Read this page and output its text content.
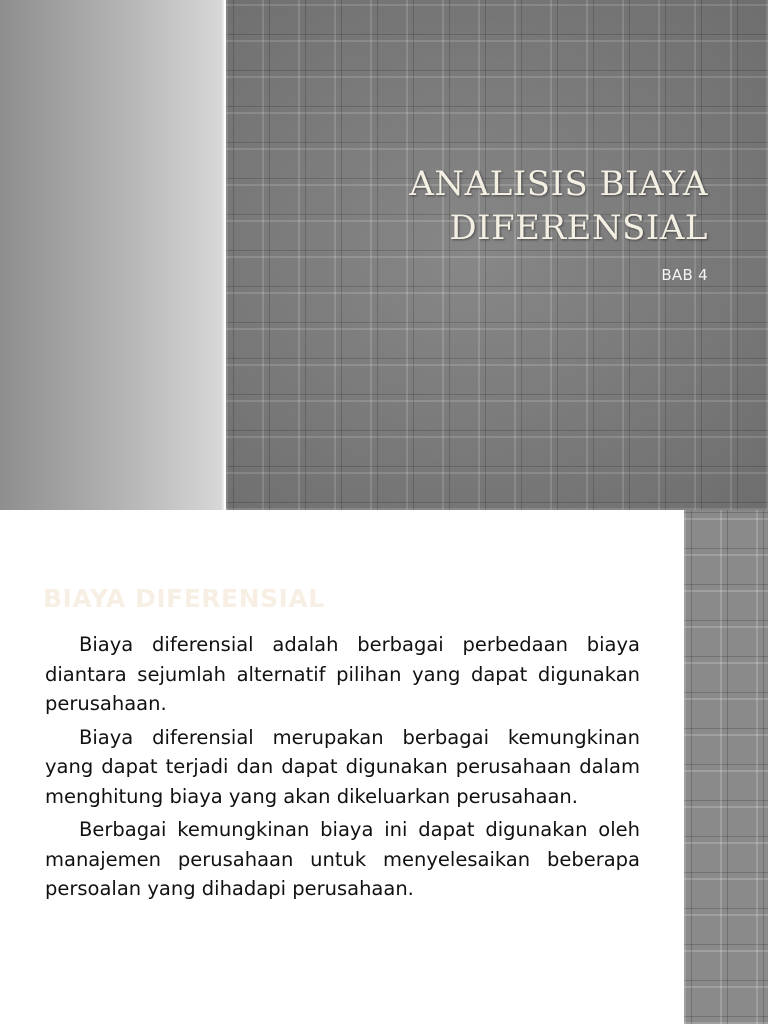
ANALISIS BIAYA
DIFERENSIAL
BAB 4
BIAYA DIFERENSIAL

Biaya diferensial adalah berbagai perbedaan biaya diantara sejumlah alternatif pilihan yang dapat digunakan perusahaan.

Biaya diferensial merupakan berbagai kemungkinan yang dapat terjadi dan dapat digunakan perusahaan dalam menghitung biaya yang akan dikeluarkan perusahaan.

Berbagai kemungkinan biaya ini dapat digunakan oleh manajemen perusahaan untuk menyelesaikan beberapa persoalan yang dihadapi perusahaan.
